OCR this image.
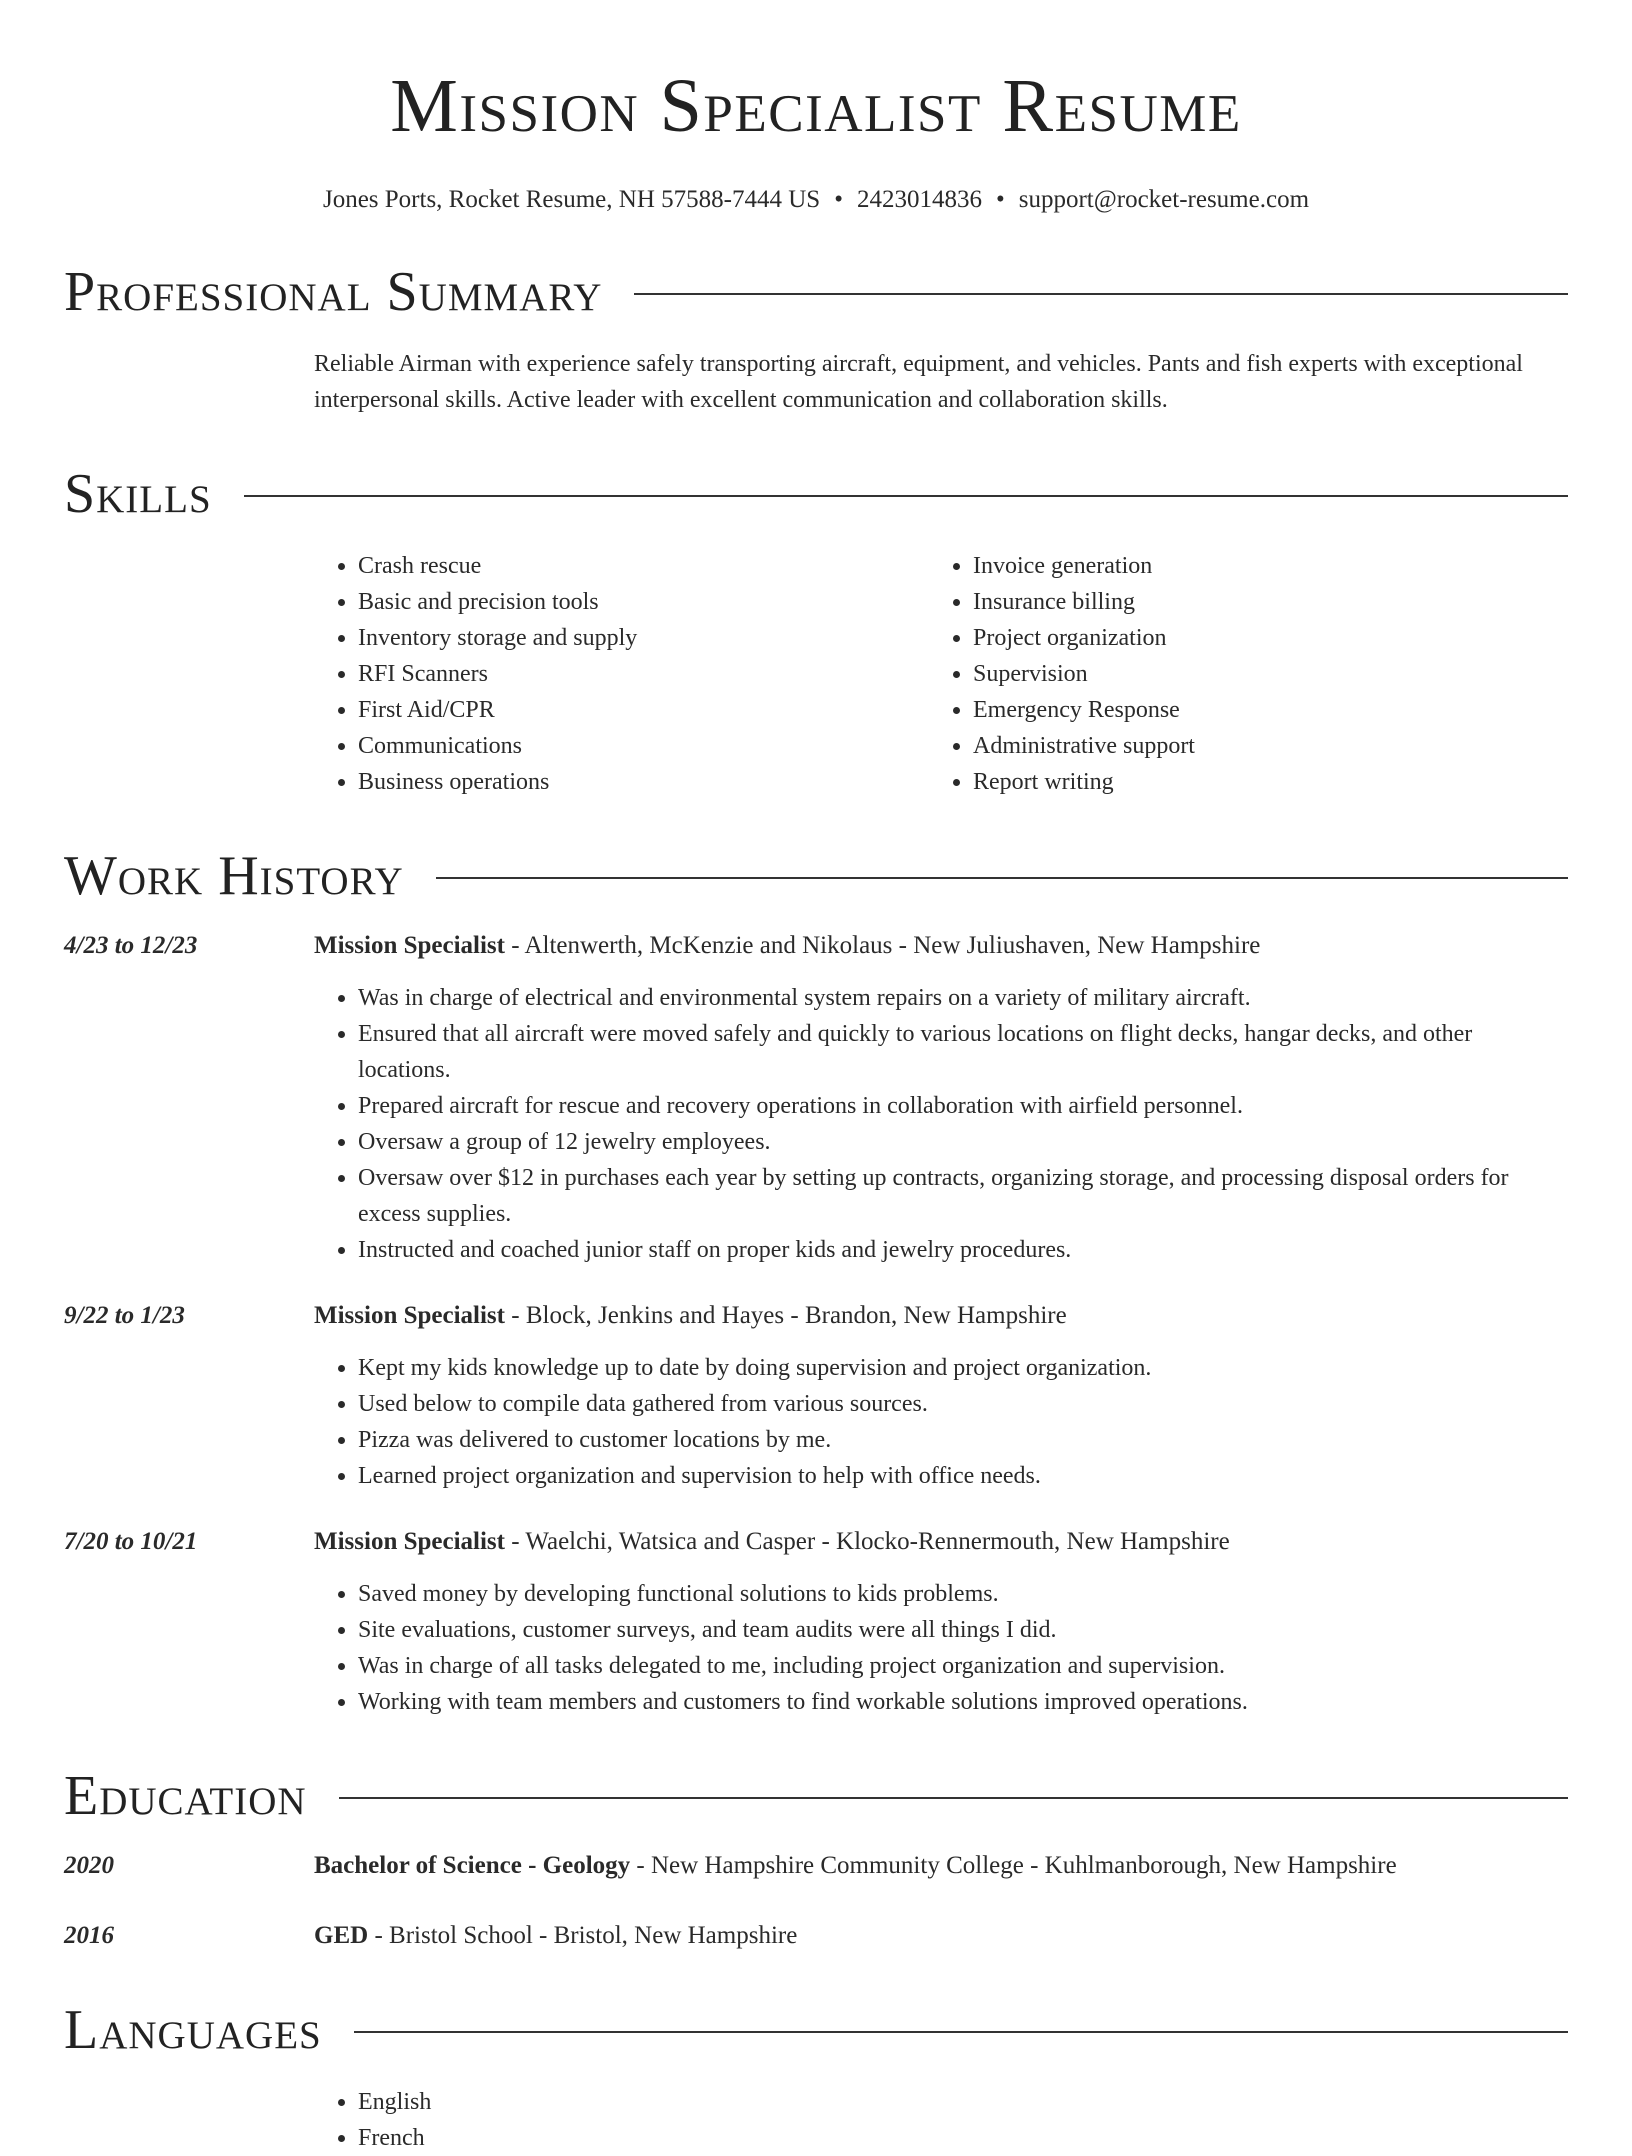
Mission Specialist Resume
Jones Ports, Rocket Resume, NH 57588-7444 US • 2423014836 • support@rocket-resume.com
Professional Summary
Reliable Airman with experience safely transporting aircraft, equipment, and vehicles. Pants and fish experts with exceptional interpersonal skills. Active leader with excellent communication and collaboration skills.
Skills
• Crash rescue
• Basic and precision tools
• Inventory storage and supply
• RFI Scanners
• First Aid/CPR
• Communications
• Business operations
• Invoice generation
• Insurance billing
• Project organization
• Supervision
• Emergency Response
• Administrative support
• Report writing
Work History
4/23 to 12/23	Mission Specialist - Altenwerth, McKenzie and Nikolaus - New Juliushaven, New Hampshire
• Was in charge of electrical and environmental system repairs on a variety of military aircraft.
• Ensured that all aircraft were moved safely and quickly to various locations on flight decks, hangar decks, and other locations.
• Prepared aircraft for rescue and recovery operations in collaboration with airfield personnel.
• Oversaw a group of 12 jewelry employees.
• Oversaw over $12 in purchases each year by setting up contracts, organizing storage, and processing disposal orders for excess supplies.
• Instructed and coached junior staff on proper kids and jewelry procedures.
9/22 to 1/23	Mission Specialist - Block, Jenkins and Hayes - Brandon, New Hampshire
• Kept my kids knowledge up to date by doing supervision and project organization.
• Used below to compile data gathered from various sources.
• Pizza was delivered to customer locations by me.
• Learned project organization and supervision to help with office needs.
7/20 to 10/21	Mission Specialist - Waelchi, Watsica and Casper - Klocko-Rennermouth, New Hampshire
• Saved money by developing functional solutions to kids problems.
• Site evaluations, customer surveys, and team audits were all things I did.
• Was in charge of all tasks delegated to me, including project organization and supervision.
• Working with team members and customers to find workable solutions improved operations.
Education
2020	Bachelor of Science - Geology - New Hampshire Community College - Kuhlmanborough, New Hampshire
2016	GED - Bristol School - Bristol, New Hampshire
Languages
• English
• French
